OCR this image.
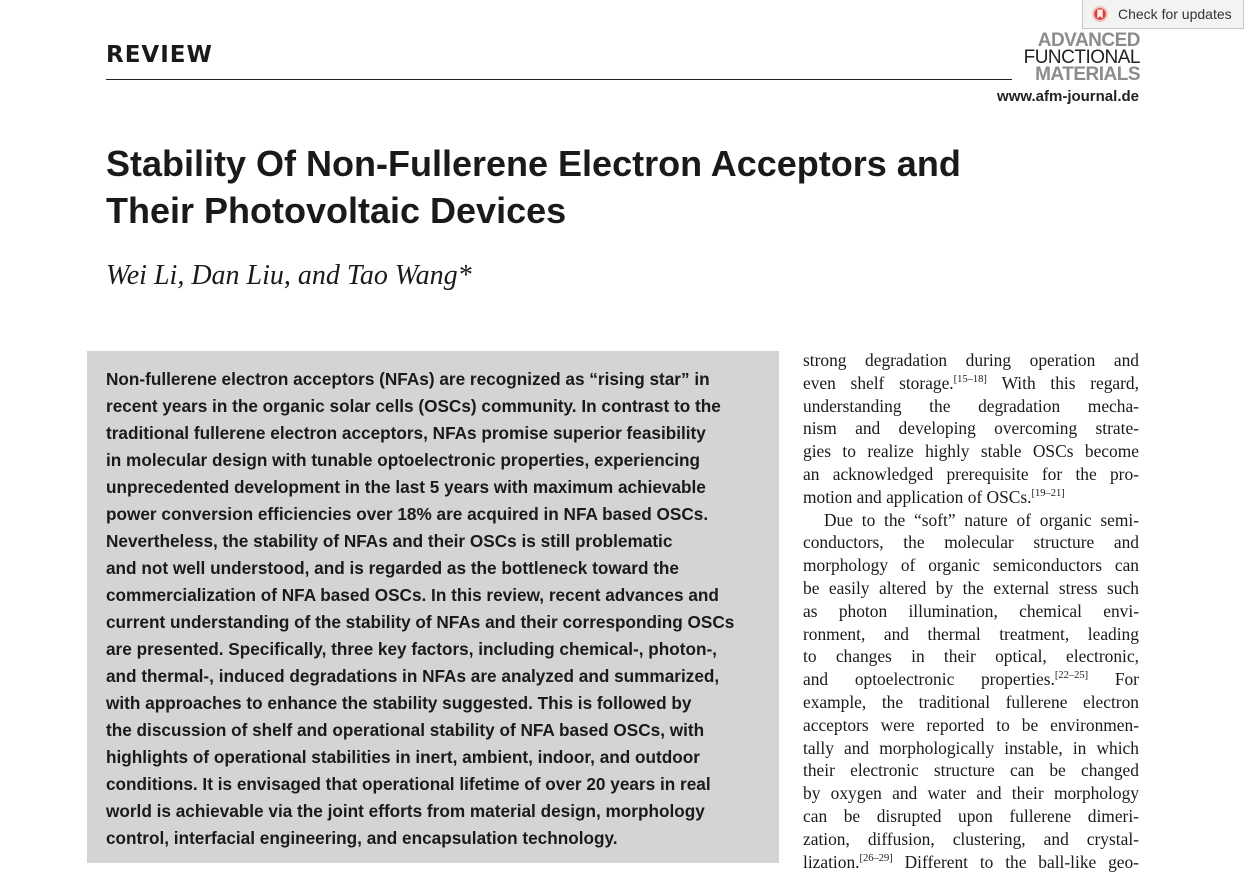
REVIEW
ADVANCED
FUNCTIONAL
MATERIALS
www.afm-journal.de
Check for updates
Stability Of Non-Fullerene Electron Acceptors and
Their Photovoltaic Devices
Wei Li, Dan Liu, and Tao Wang*
Non-fullerene electron acceptors (NFAs) are recognized as “rising star” in
recent years in the organic solar cells (OSCs) community. In contrast to the
traditional fullerene electron acceptors, NFAs promise superior feasibility
in molecular design with tunable optoelectronic properties, experiencing
unprecedented development in the last 5 years with maximum achievable
power conversion efficiencies over 18% are acquired in NFA based OSCs.
Nevertheless, the stability of NFAs and their OSCs is still problematic
and not well understood, and is regarded as the bottleneck toward the
commercialization of NFA based OSCs. In this review, recent advances and
current understanding of the stability of NFAs and their corresponding OSCs
are presented. Specifically, three key factors, including chemical-, photon-,
and thermal-, induced degradations in NFAs are analyzed and summarized,
with approaches to enhance the stability suggested. This is followed by
the discussion of shelf and operational stability of NFA based OSCs, with
highlights of operational stabilities in inert, ambient, indoor, and outdoor
conditions. It is envisaged that operational lifetime of over 20 years in real
world is achievable via the joint efforts from material design, morphology
control, interfacial engineering, and encapsulation technology.
strong degradation during operation and
even shelf storage.[15–18] With this regard,
understanding the degradation mecha-
nism and developing overcoming strate-
gies to realize highly stable OSCs become
an acknowledged prerequisite for the pro-
motion and application of OSCs.[19–21]
Due to the “soft” nature of organic semi-
conductors, the molecular structure and
morphology of organic semiconductors can
be easily altered by the external stress such
as photon illumination, chemical envi-
ronment, and thermal treatment, leading
to changes in their optical, electronic,
and optoelectronic properties.[22–25] For
example, the traditional fullerene electron
acceptors were reported to be environmen-
tally and morphologically instable, in which
their electronic structure can be changed
by oxygen and water and their morphology
can be disrupted upon fullerene dimeri-
zation, diffusion, clustering, and crystal-
lization.[26–29] Different to the ball-like geo-
